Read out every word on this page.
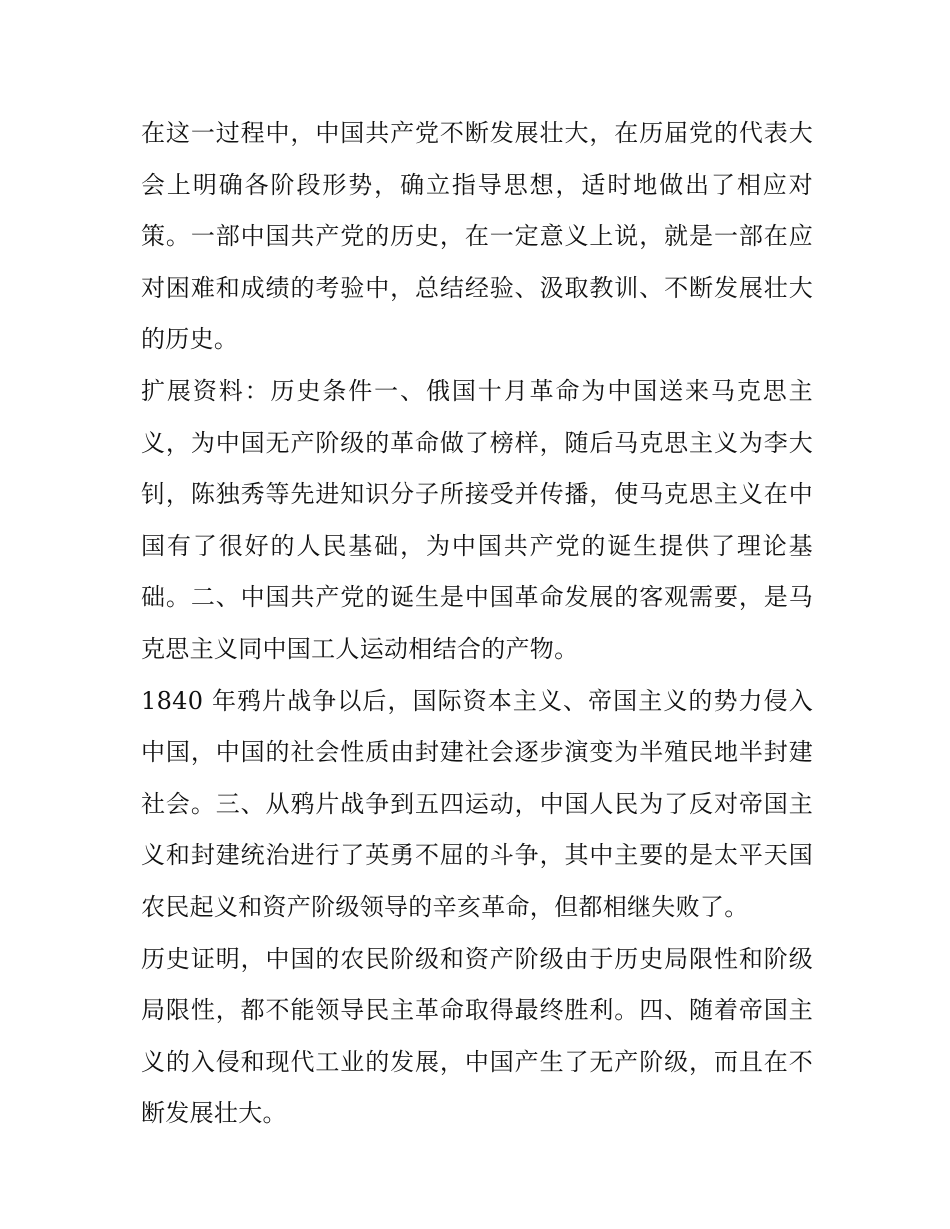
在这一过程中，中国共产党不断发展壮大，在历届党的代表大会上明确各阶段形势，确立指导思想，适时地做出了相应对策。一部中国共产党的历史，在一定意义上说，就是一部在应对困难和成绩的考验中，总结经验、汲取教训、不断发展壮大的历史。

扩展资料：历史条件一、俄国十月革命为中国送来马克思主义，为中国无产阶级的革命做了榜样，随后马克思主义为李大钊，陈独秀等先进知识分子所接受并传播，使马克思主义在中国有了很好的人民基础，为中国共产党的诞生提供了理论基础。二、中国共产党的诞生是中国革命发展的客观需要，是马克思主义同中国工人运动相结合的产物。

1840 年鸦片战争以后，国际资本主义、帝国主义的势力侵入中国，中国的社会性质由封建社会逐步演变为半殖民地半封建社会。三、从鸦片战争到五四运动，中国人民为了反对帝国主义和封建统治进行了英勇不屈的斗争，其中主要的是太平天国农民起义和资产阶级领导的辛亥革命，但都相继失败了。

历史证明，中国的农民阶级和资产阶级由于历史局限性和阶级局限性，都不能领导民主革命取得最终胜利。四、随着帝国主义的入侵和现代工业的发展，中国产生了无产阶级，而且在不断发展壮大。
